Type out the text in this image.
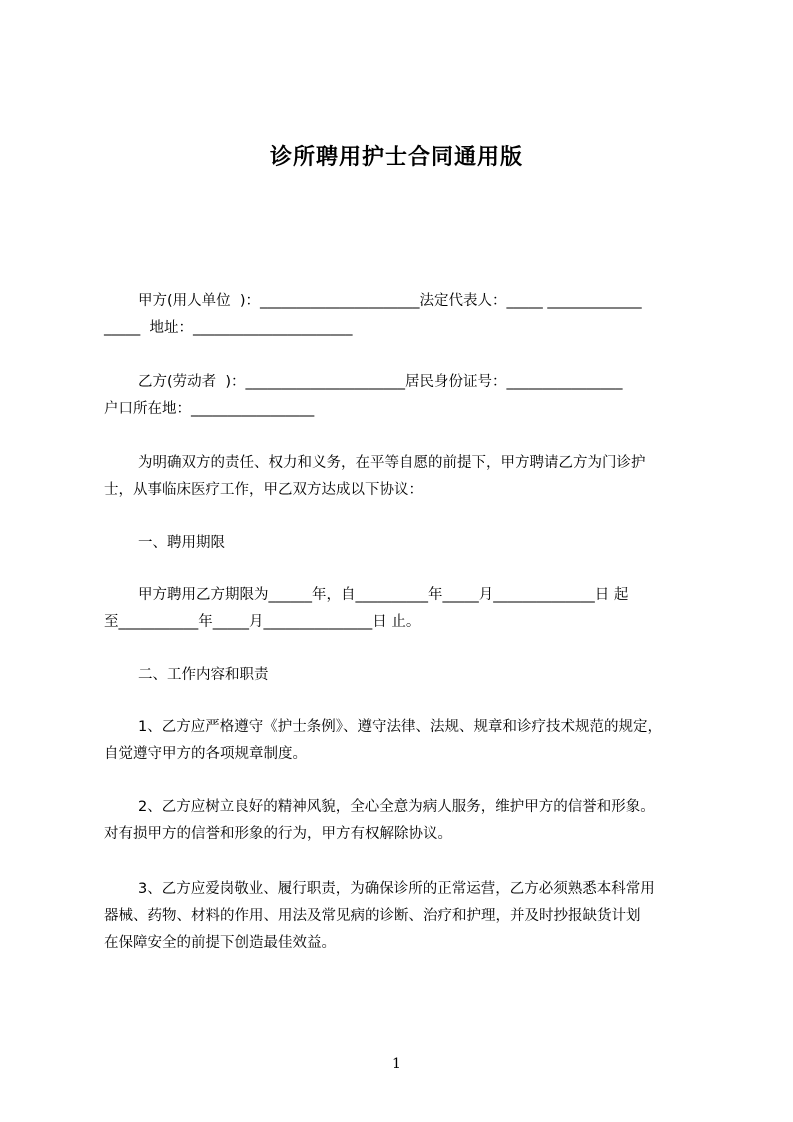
诊所聘用护士合同通用版
甲方(用人单位  )：______________________法定代表人：_____ _____________
_____  地址：______________________
乙方(劳动者  )：______________________居民身份证号：________________
户口所在地：_________________
为明确双方的责任、权力和义务，在平等自愿的前提下，甲方聘请乙方为门诊护
士，从事临床医疗工作，甲乙双方达成以下协议：
一、聘用期限
甲方聘用乙方期限为______年，自__________年_____月______________日 起
至___________年_____月_______________日 止。
二、工作内容和职责
1、乙方应严格遵守《护士条例》、遵守法律、法规、规章和诊疗技术规范的规定，
自觉遵守甲方的各项规章制度。
2、乙方应树立良好的精神风貌，全心全意为病人服务，维护甲方的信誉和形象。
对有损甲方的信誉和形象的行为，甲方有权解除协议。
3、乙方应爱岗敬业、履行职责，为确保诊所的正常运营，乙方必须熟悉本科常用
器械、药物、材料的作用、用法及常见病的诊断、治疗和护理，并及时抄报缺货计划
在保障安全的前提下创造最佳效益。
1
